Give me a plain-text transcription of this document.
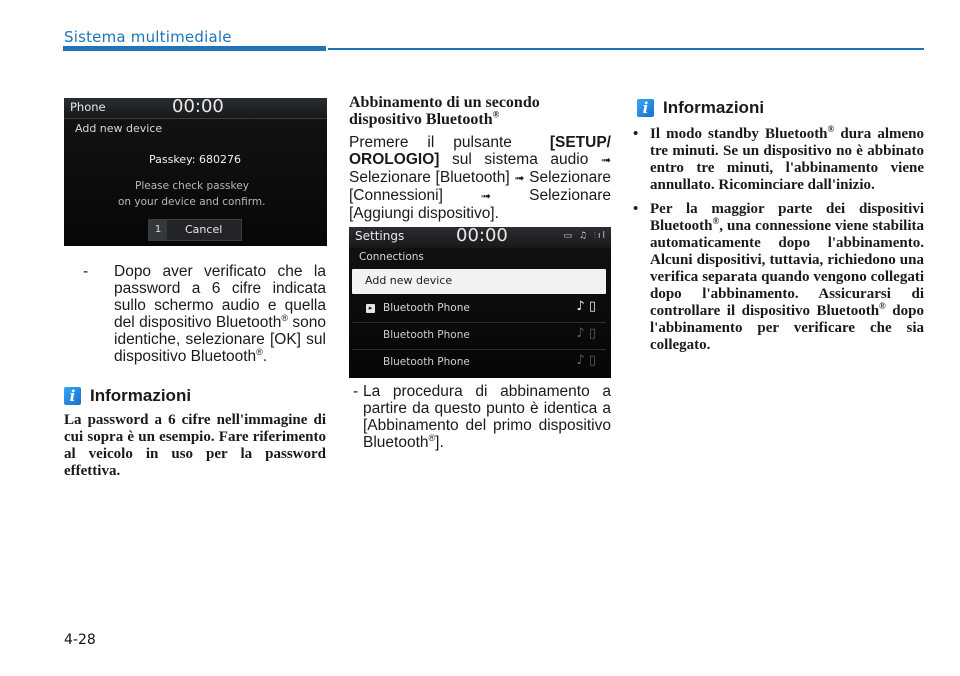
Sistema multimediale
Phone	00:00
Add new device
Passkey: 680276
Please check passkey
on your device and confirm.
1	Cancel
- Dopo aver verificato che la password a 6 cifre indicata sullo schermo audio e quella del dispositivo Bluetooth® sono identiche, selezionare [OK] sul dispositivo Bluetooth®.
i Informazioni
La password a 6 cifre nell'immagine di cui sopra è un esempio. Fare riferimento al veicolo in uso per la password effettiva.
Abbinamento di un secondo
dispositivo Bluetooth®
Premere il pulsante [SETUP/ OROLOGIO] sul sistema audio ➟ Selezionare [Bluetooth] ➟ Selezionare [Connessioni]	➟ Selezionare [Aggiungi dispositivo].
Settings	00:00	▭ ♫ ⫶ıl
Connections
Add new device
▸ Bluetooth Phone	♪ ▯
Bluetooth Phone	♪ ▯
Bluetooth Phone	♪ ▯
- La procedura di abbinamento a partire da questo punto è identica a [Abbinamento del primo dispositivo Bluetooth®].
i Informazioni
• Il modo standby Bluetooth® dura almeno tre minuti. Se un dispositivo no è abbinato entro tre minuti, l'abbinamento viene annullato. Ricominciare dall'inizio.
• Per la maggior parte dei dispositivi Bluetooth®, una connessione viene stabilita automaticamente dopo l'abbinamento. Alcuni dispositivi, tuttavia, richiedono una verifica separata quando vengono collegati dopo l'abbinamento. Assicurarsi di controllare il dispositivo Bluetooth® dopo l'abbinamento per verificare che sia collegato.
4-28
